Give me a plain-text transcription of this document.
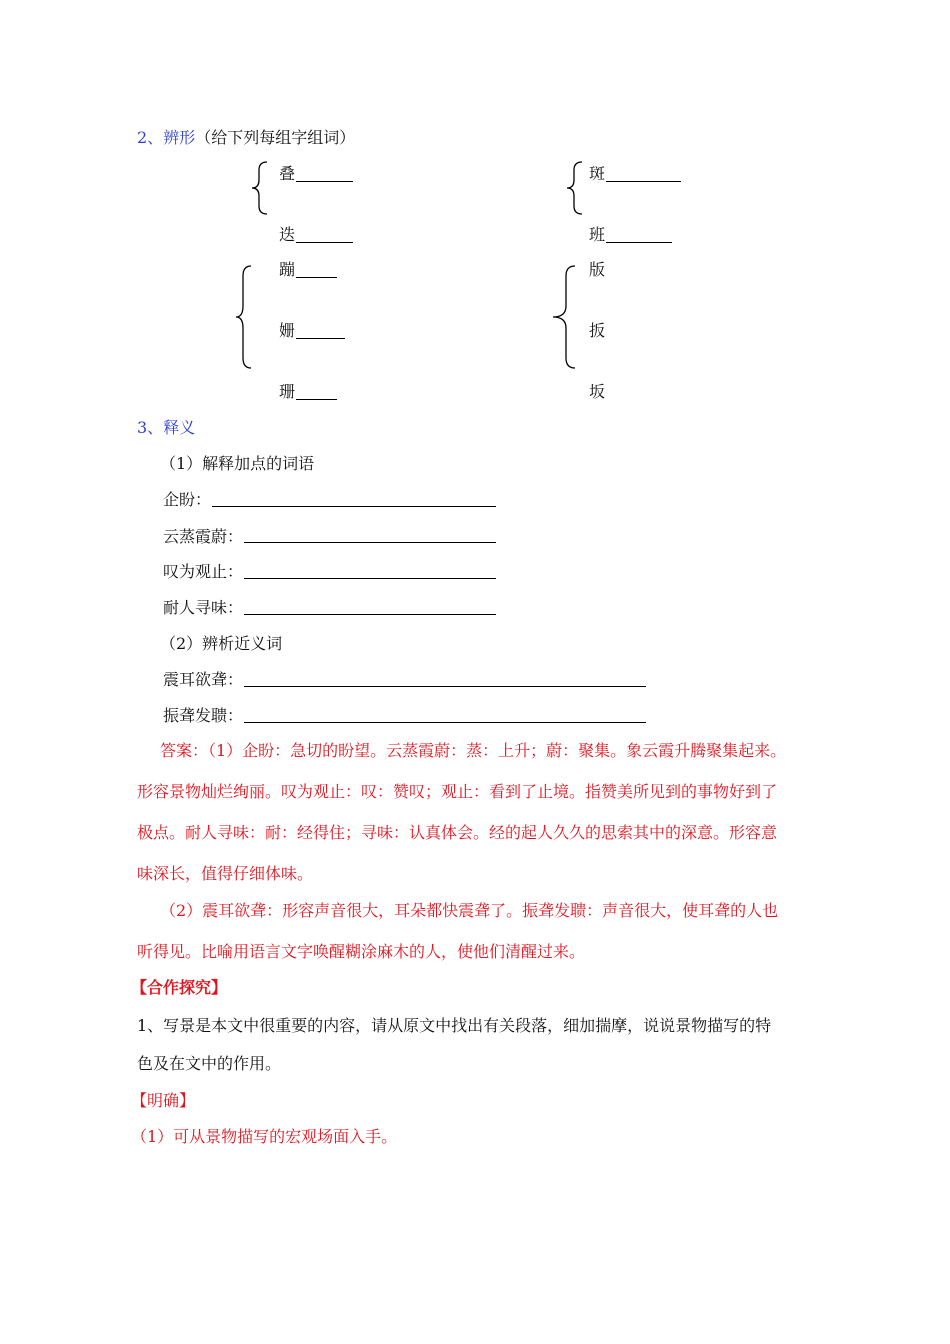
2、辨形（给下列每组字组词）
叠
迭
斑
班
蹦
姗
珊
版
扳
坂
3、释义
（1）解释加点的词语
企盼：
云蒸霞蔚：
叹为观止：
耐人寻味：
（2）辨析近义词
震耳欲聋：
振聋发聩：
答案：（1）企盼：急切的盼望。云蒸霞蔚：蒸：上升；蔚：聚集。象云霞升腾聚集起来。
形容景物灿烂绚丽。叹为观止：叹：赞叹；观止：看到了止境。指赞美所见到的事物好到了
极点。耐人寻味：耐：经得住；寻味：认真体会。经的起人久久的思索其中的深意。形容意
味深长，值得仔细体味。
（2）震耳欲聋：形容声音很大，耳朵都快震聋了。振聋发聩：声音很大，使耳聋的人也
听得见。比喻用语言文字唤醒糊涂麻木的人，使他们清醒过来。
【合作探究】
1、写景是本文中很重要的内容，请从原文中找出有关段落，细加揣摩，说说景物描写的特
色及在文中的作用。
【明确】
（1）可从景物描写的宏观场面入手。
